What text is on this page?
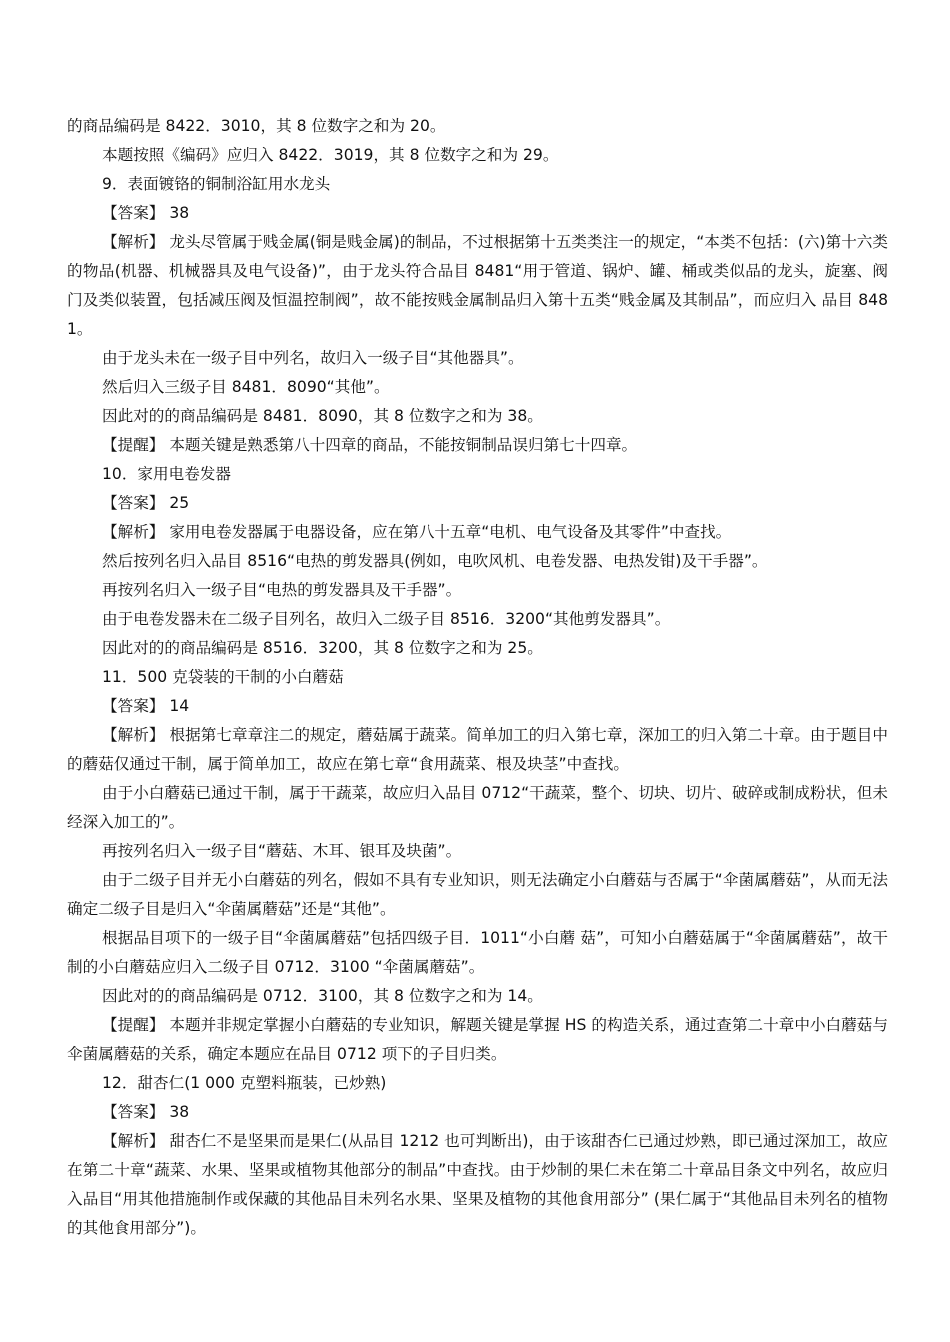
的商品编码是 8422．3010，其 8 位数字之和为 20。

本题按照《编码》应归入 8422．3019，其 8 位数字之和为 29。

9．表面镀铬的铜制浴缸用水龙头

【答案】 38

【解析】 龙头尽管属于贱金属(铜是贱金属)的制品，不过根据第十五类类注一的规定，“本类不包括：(六)第十六类的物品(机器、机械器具及电气设备)”，由于龙头符合品目 8481“用于管道、锅炉、罐、桶或类似品的龙头，旋塞、阀门及类似装置，包括减压阀及恒温控制阀”，故不能按贱金属制品归入第十五类“贱金属及其制品”，而应归入 品目 8481。

由于龙头未在一级子目中列名，故归入一级子目“其他器具”。

然后归入三级子目 8481．8090“其他”。

因此对的的商品编码是 8481．8090，其 8 位数字之和为 38。

【提醒】 本题关键是熟悉第八十四章的商品，不能按铜制品误归第七十四章。

10．家用电卷发器

【答案】 25

【解析】 家用电卷发器属于电器设备，应在第八十五章“电机、电气设备及其零件”中查找。

然后按列名归入品目 8516“电热的剪发器具(例如，电吹风机、电卷发器、电热发钳)及干手器”。

再按列名归入一级子目“电热的剪发器具及干手器”。

由于电卷发器未在二级子目列名，故归入二级子目 8516．3200“其他剪发器具”。

因此对的的商品编码是 8516．3200，其 8 位数字之和为 25。

11．500 克袋装的干制的小白蘑菇

【答案】 14

【解析】 根据第七章章注二的规定，蘑菇属于蔬菜。简单加工的归入第七章，深加工的归入第二十章。由于题目中的蘑菇仅通过干制，属于简单加工，故应在第七章“食用蔬菜、根及块茎”中查找。

由于小白蘑菇已通过干制，属于干蔬菜，故应归入品目 0712“干蔬菜，整个、切块、切片、破碎或制成粉状，但未经深入加工的”。

再按列名归入一级子目“蘑菇、木耳、银耳及块菌”。

由于二级子目并无小白蘑菇的列名，假如不具有专业知识，则无法确定小白蘑菇与否属于“伞菌属蘑菇”，从而无法确定二级子目是归入“伞菌属蘑菇”还是“其他”。

根据品目项下的一级子目“伞菌属蘑菇”包括四级子目．1011“小白蘑 菇”，可知小白蘑菇属于“伞菌属蘑菇”，故干制的小白蘑菇应归入二级子目 0712．3100 “伞菌属蘑菇”。

因此对的的商品编码是 0712．3100，其 8 位数字之和为 14。

【提醒】 本题并非规定掌握小白蘑菇的专业知识，解题关键是掌握 HS 的构造关系，通过查第二十章中小白蘑菇与伞菌属蘑菇的关系，确定本题应在品目 0712 项下的子目归类。

12．甜杏仁(1 000 克塑料瓶装，已炒熟)

【答案】 38

【解析】 甜杏仁不是坚果而是果仁(从品目 1212 也可判断出)，由于该甜杏仁已通过炒熟，即已通过深加工，故应在第二十章“蔬菜、水果、坚果或植物其他部分的制品”中查找。由于炒制的果仁未在第二十章品目条文中列名，故应归入品目“用其他措施制作或保藏的其他品目未列名水果、坚果及植物的其他食用部分” (果仁属于“其他品目未列名的植物的其他食用部分”)。
